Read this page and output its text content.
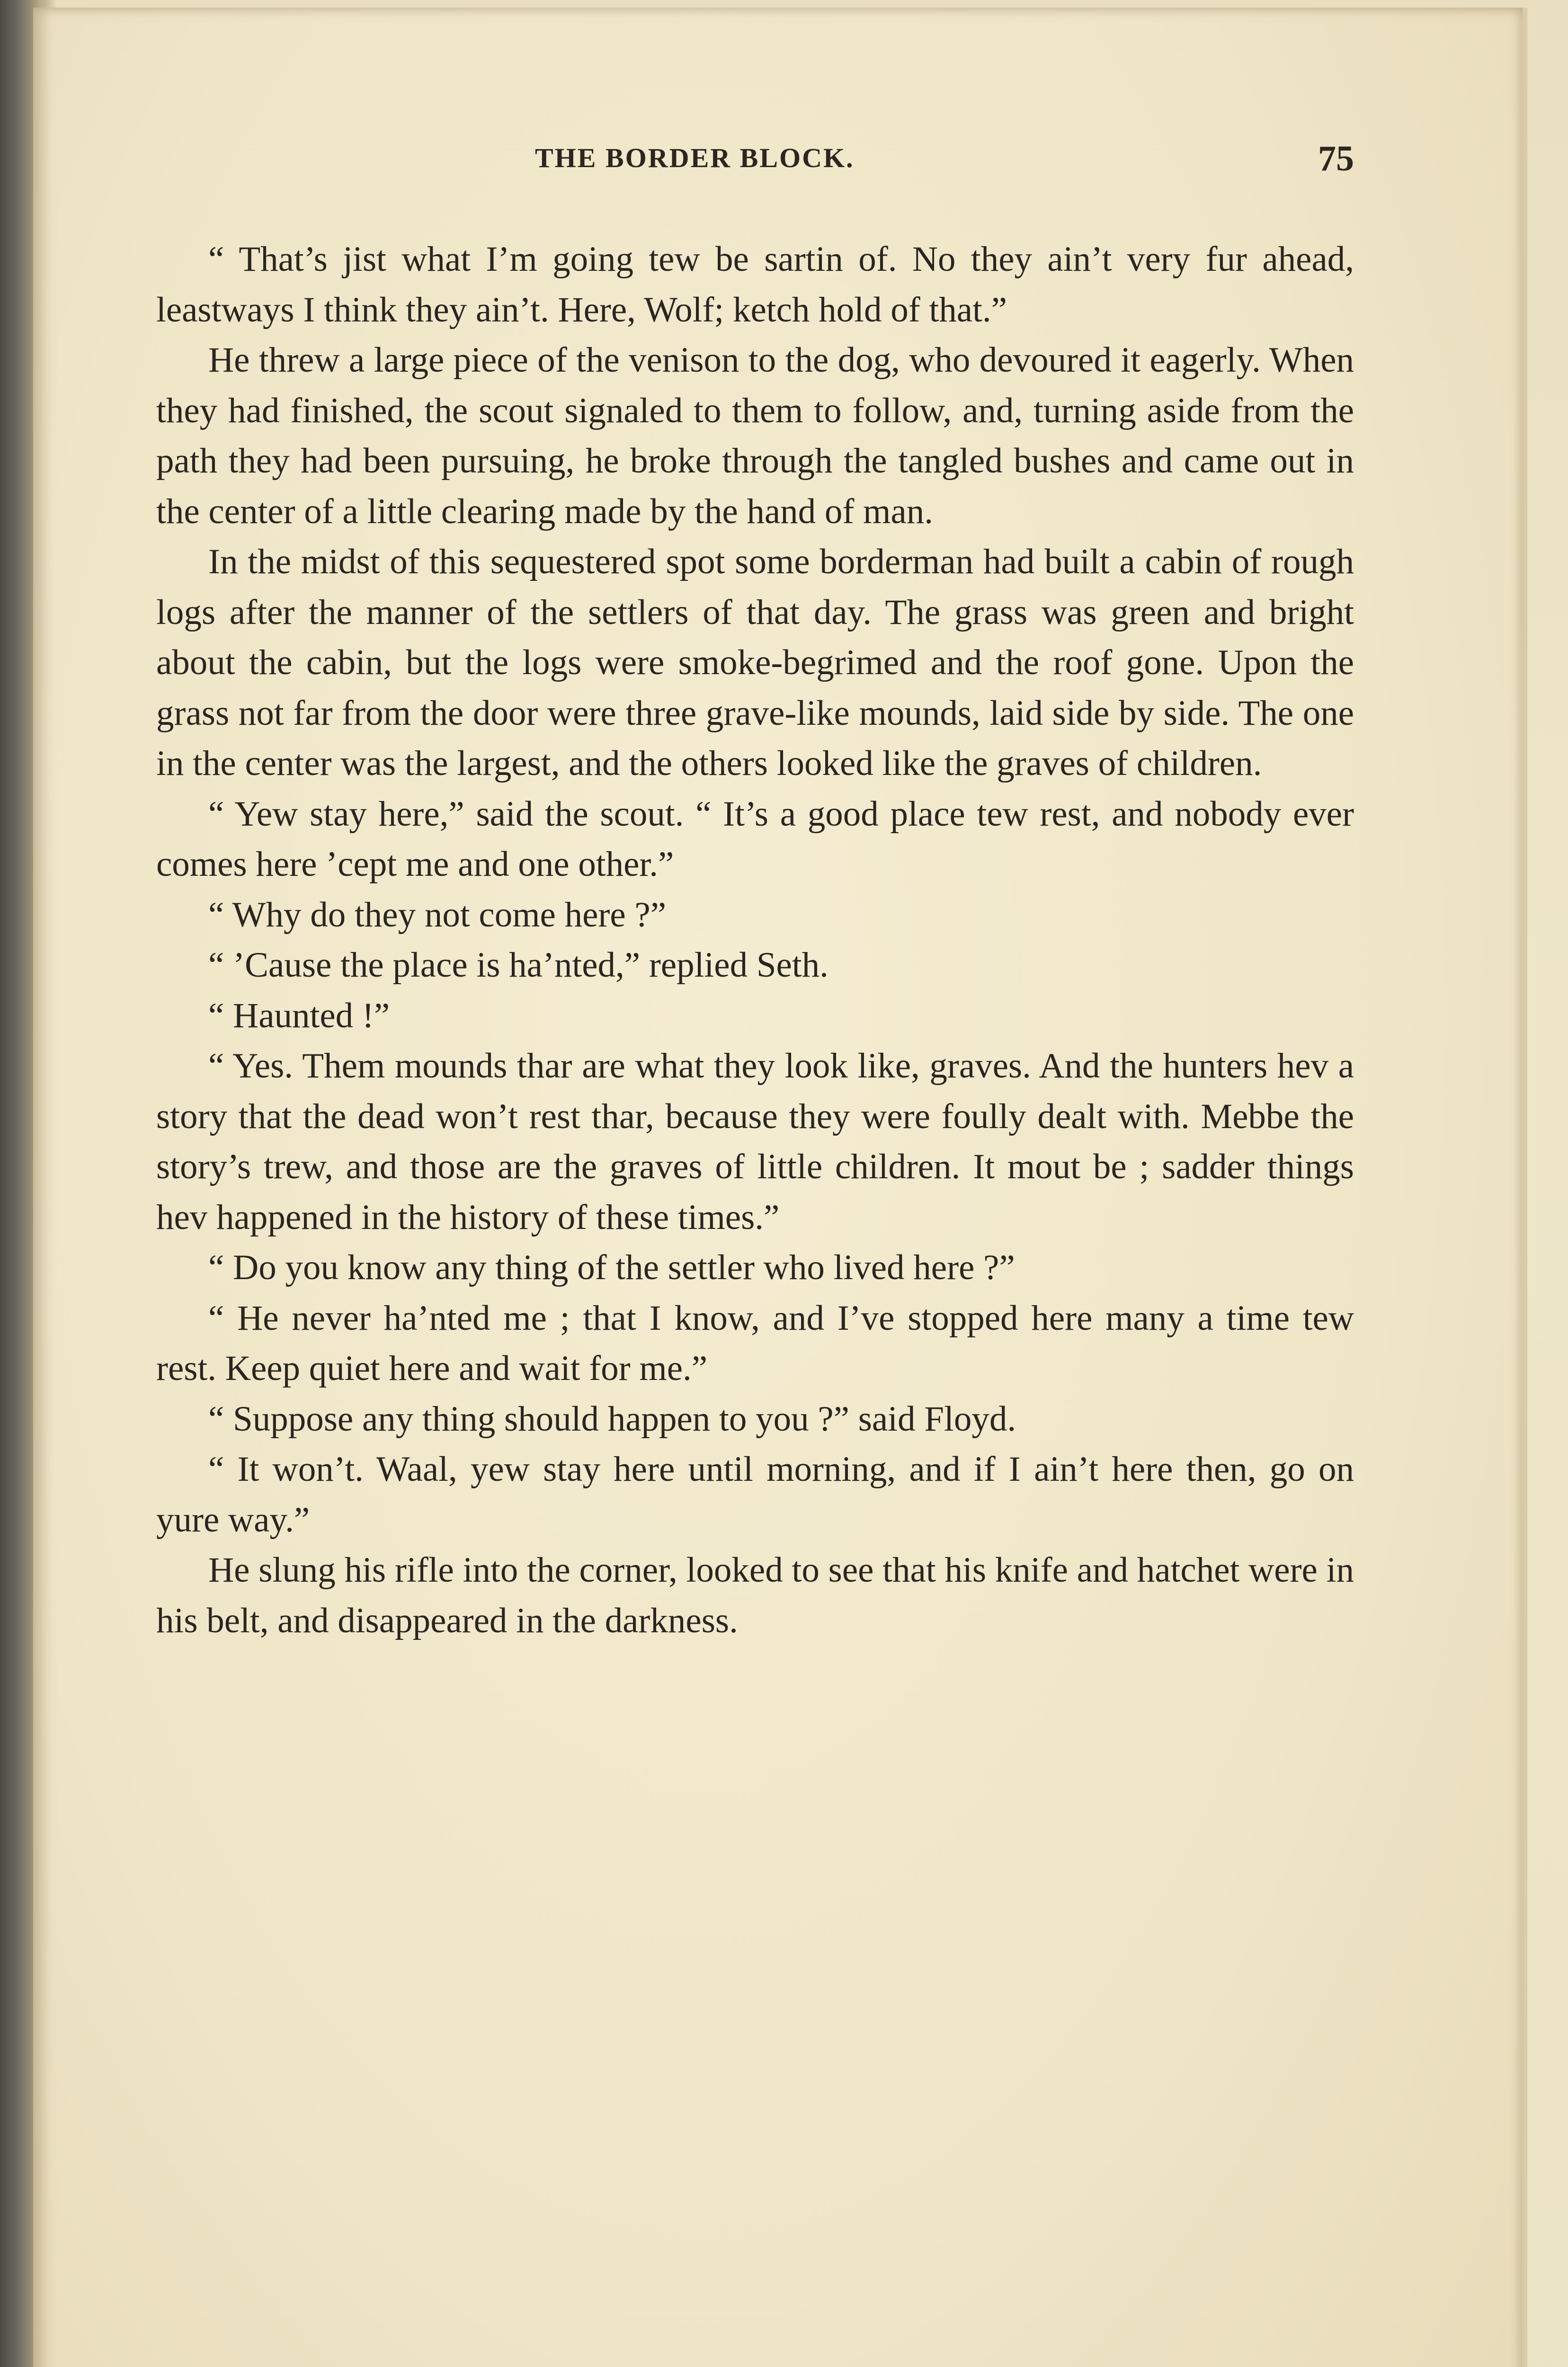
THE BORDER BLOCK.	75

“ That’s jist what I’m going tew be sartin of. No they ain’t very fur ahead, leastways I think they ain’t. Here, Wolf; ketch hold of that.”

He threw a large piece of the venison to the dog, who devoured it eagerly. When they had finished, the scout signaled to them to follow, and, turning aside from the path they had been pursuing, he broke through the tangled bushes and came out in the center of a little clearing made by the hand of man.

In the midst of this sequestered spot some borderman had built a cabin of rough logs after the manner of the settlers of that day. The grass was green and bright about the cabin, but the logs were smoke-begrimed and the roof gone. Upon the grass not far from the door were three grave-like mounds, laid side by side. The one in the center was the largest, and the others looked like the graves of children.

“ Yew stay here,” said the scout. “ It’s a good place tew rest, and nobody ever comes here ’cept me and one other.”

“ Why do they not come here ?”

“ ’Cause the place is ha’nted,” replied Seth.

“ Haunted !”

“ Yes. Them mounds thar are what they look like, graves. And the hunters hev a story that the dead won’t rest thar, because they were foully dealt with. Mebbe the story’s trew, and those are the graves of little children. It mout be ; sadder things hev happened in the history of these times.”

“ Do you know any thing of the settler who lived here ?”

“ He never ha’nted me ; that I know, and I’ve stopped here many a time tew rest. Keep quiet here and wait for me.”

“ Suppose any thing should happen to you ?” said Floyd.

“ It won’t. Waal, yew stay here until morning, and if I ain’t here then, go on yure way.”

He slung his rifle into the corner, looked to see that his knife and hatchet were in his belt, and disappeared in the darkness.
